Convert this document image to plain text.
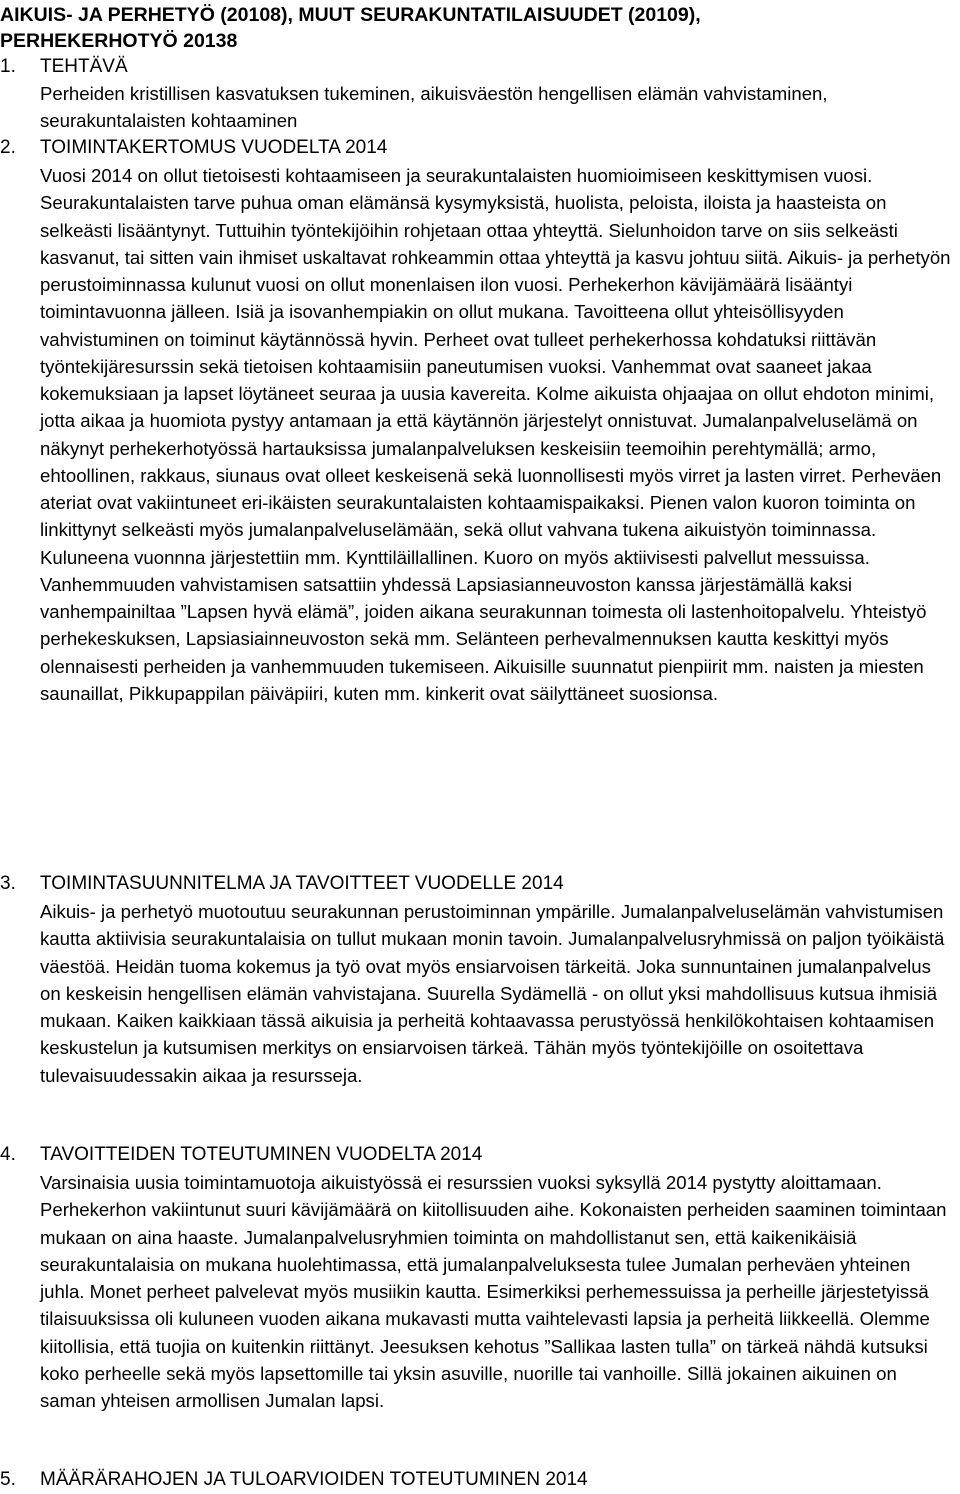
AIKUIS- JA PERHETYÖ (20108), MUUT SEURAKUNTATILAISUUDET (20109),
PERHEKERHOTYÖ 20138
1. TEHTÄVÄ
Perheiden kristillisen kasvatuksen tukeminen, aikuisväestön hengellisen elämän vahvistaminen, seurakuntalaisten kohtaaminen
2. TOIMINTAKERTOMUS VUODELTA 2014
Vuosi 2014 on ollut tietoisesti kohtaamiseen ja seurakuntalaisten huomioimiseen keskittymisen vuosi. Seurakuntalaisten tarve puhua oman elämänsä kysymyksistä, huolista, peloista, iloista ja haasteista on selkeästi lisääntynyt. Tuttuihin työntekijöihin rohjetaan ottaa yhteyttä. Sielunhoidon tarve on siis selkeästi kasvanut, tai sitten vain ihmiset uskaltavat rohkeammin ottaa yhteyttä ja kasvu johtuu siitä. Aikuis- ja perhetyön perustoiminnassa kulunut vuosi on ollut monenlaisen ilon vuosi. Perhekerhon kävijämäärä lisääntyi toimintavuonna jälleen. Isiä ja isovanhempiakin on ollut mukana. Tavoitteena ollut yhteisöllisyyden vahvistuminen on toiminut käytännössä hyvin. Perheet ovat tulleet perhekerhossa kohdatuksi riittävän työntekijäresurssin sekä tietoisen kohtaamisiin paneutumisen vuoksi. Vanhemmat ovat saaneet jakaa kokemuksiaan ja lapset löytäneet seuraa ja uusia kavereita. Kolme aikuista ohjaajaa on ollut ehdoton minimi, jotta aikaa ja huomiota pystyy antamaan ja että käytännön järjestelyt onnistuvat. Jumalanpalveluselämä on näkynyt perhekerhotyössä hartauksissa jumalanpalveluksen keskeisiin teemoihin perehtymällä; armo, ehtoollinen, rakkaus, siunaus ovat olleet keskeisenä sekä luonnollisesti myös virret ja lasten virret. Perheväen ateriat ovat vakiintuneet eri-ikäisten seurakuntalaisten kohtaamispaikaksi. Pienen valon kuoron toiminta on linkittynyt selkeästi myös jumalanpalveluselämään, sekä ollut vahvana tukena aikuistyön toiminnassa. Kuluneena vuonnna järjestettiin mm. Kynttiläillallinen. Kuoro on myös aktiivisesti palvellut messuissa. Vanhemmuuden vahvistamisen satsattiin yhdessä Lapsiasianneuvoston kanssa järjestämällä kaksi vanhempainiltaa ”Lapsen hyvä elämä”, joiden aikana seurakunnan toimesta oli lastenhoitopalvelu. Yhteistyö perhekeskuksen, Lapsiasiainneuvoston sekä mm. Selänteen perhevalmennuksen kautta keskittyi myös olennaisesti perheiden ja vanhemmuuden tukemiseen. Aikuisille suunnatut pienpiirit mm. naisten ja miesten saunaillat, Pikkupappilan päiväpiiri, kuten mm. kinkerit ovat säilyttäneet suosionsa.
3. TOIMINTASUUNNITELMA JA TAVOITTEET VUODELLE 2014
Aikuis- ja perhetyö muotoutuu seurakunnan perustoiminnan ympärille. Jumalanpalveluselämän vahvistumisen kautta aktiivisia seurakuntalaisia on tullut mukaan monin tavoin. Jumalanpalvelusryhmissä on paljon työikäistä väestöä. Heidän tuoma kokemus ja työ ovat myös ensiarvoisen tärkeitä. Joka sunnuntainen jumalanpalvelus on keskeisin hengellisen elämän vahvistajana. Suurella Sydämellä - on ollut yksi mahdollisuus kutsua ihmisiä mukaan. Kaiken kaikkiaan tässä aikuisia ja perheitä kohtaavassa perustyössä henkilökohtaisen kohtaamisen keskustelun ja kutsumisen merkitys on ensiarvoisen tärkeä. Tähän myös työntekijöille on osoitettava tulevaisuudessakin aikaa ja resursseja.
4. TAVOITTEIDEN TOTEUTUMINEN VUODELTA 2014
Varsinaisia uusia toimintamuotoja aikuistyössä ei resurssien vuoksi syksyllä 2014 pystytty aloittamaan. Perhekerhon vakiintunut suuri kävijämäärä on kiitollisuuden aihe. Kokonaisten perheiden saaminen toimintaan mukaan on aina haaste. Jumalanpalvelusryhmien toiminta on mahdollistanut sen, että kaikenikäisiä seurakuntalaisia on mukana huolehtimassa, että jumalanpalveluksesta tulee Jumalan perheväen yhteinen juhla. Monet perheet palvelevat myös musiikin kautta. Esimerkiksi perhemessuissa ja perheille järjestetyissä tilaisuuksissa oli kuluneen vuoden aikana mukavasti mutta vaihtelevasti lapsia ja perheitä liikkeellä. Olemme kiitollisia, että tuojia on kuitenkin riittänyt. Jeesuksen kehotus ”Sallikaa lasten tulla” on tärkeä nähdä kutsuksi koko perheelle sekä myös lapsettomille tai yksin asuville, nuorille tai vanhoille. Sillä jokainen aikuinen on saman yhteisen armollisen Jumalan lapsi.
5. MÄÄRÄRAHOJEN JA TULOARVIOIDEN TOTEUTUMINEN 2014
